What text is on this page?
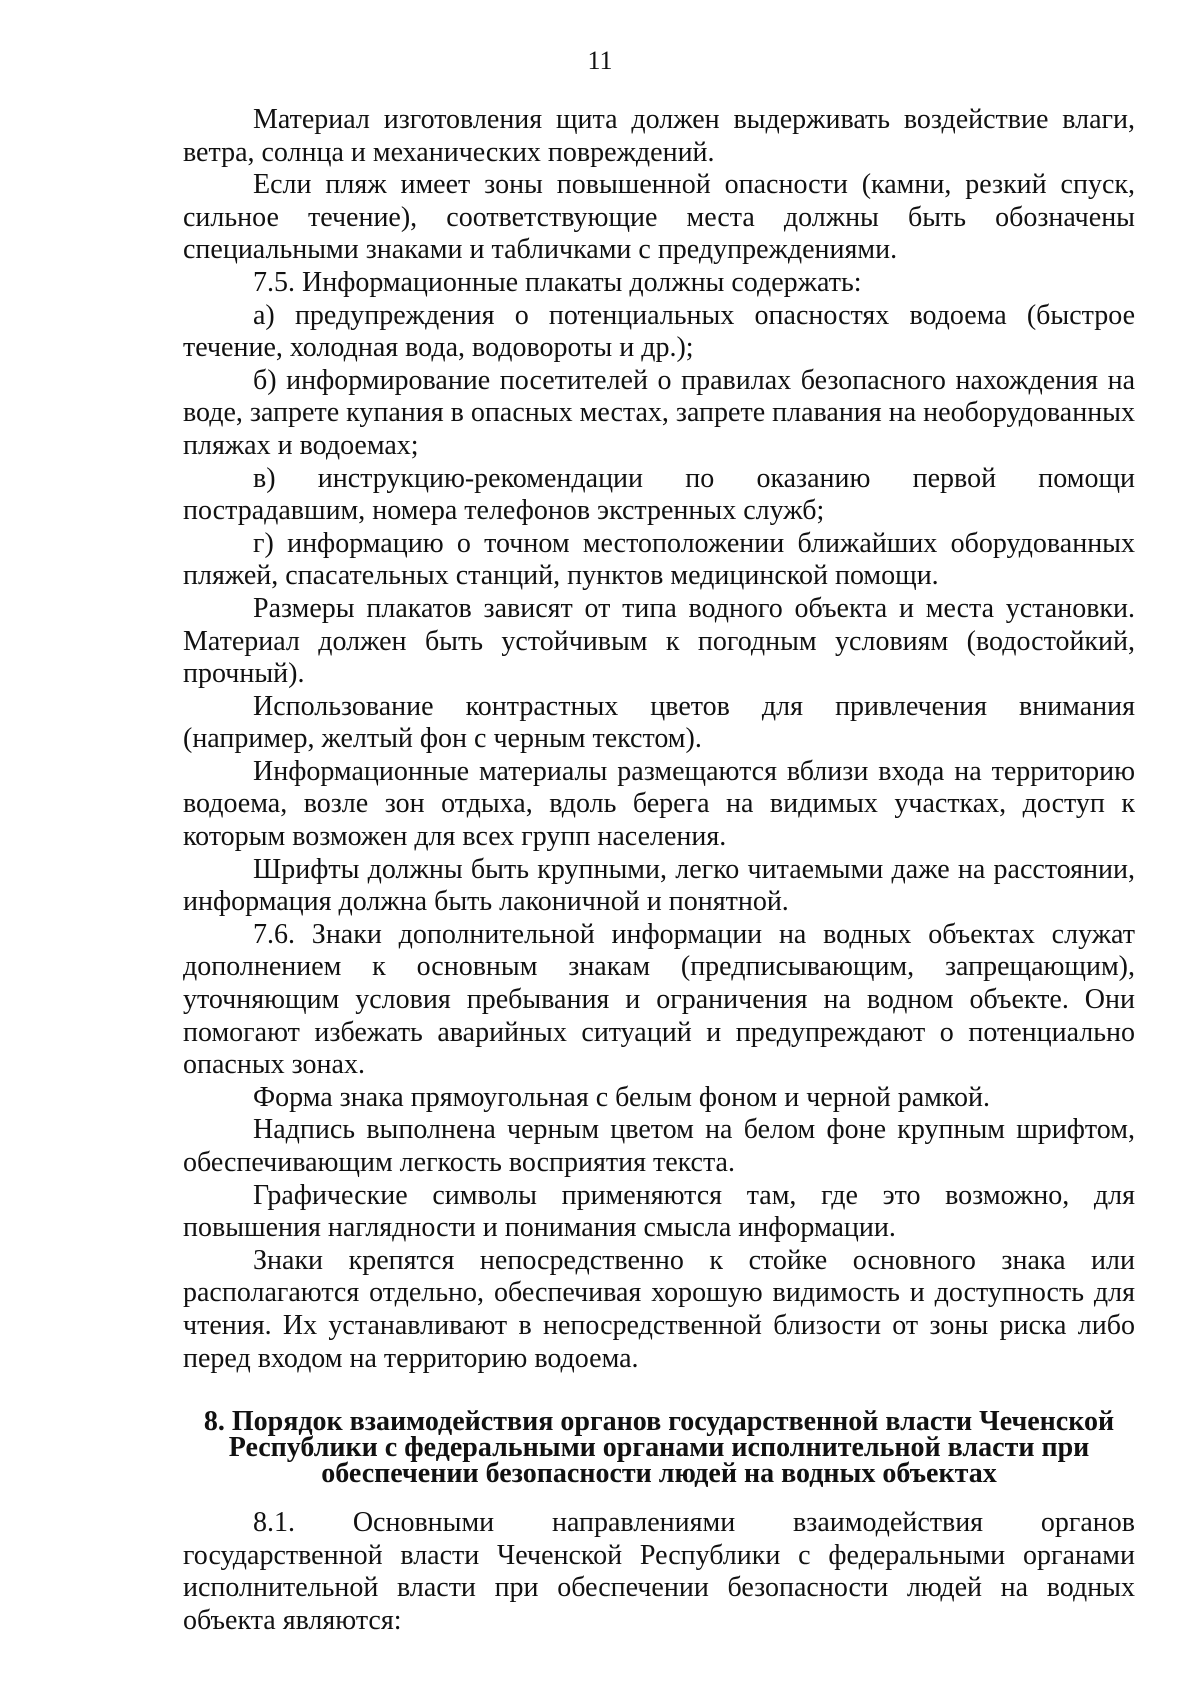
11

Материал изготовления щита должен выдерживать воздействие влаги, ветра, солнца и механических повреждений.

Если пляж имеет зоны повышенной опасности (камни, резкий спуск, сильное течение), соответствующие места должны быть обозначены специальными знаками и табличками с предупреждениями.

7.5. Информационные плакаты должны содержать:

а) предупреждения о потенциальных опасностях водоема (быстрое течение, холодная вода, водовороты и др.);

б) информирование посетителей о правилах безопасного нахождения на воде, запрете купания в опасных местах, запрете плавания на необорудованных пляжах и водоемах;

в) инструкцию-рекомендации по оказанию первой помощи пострадавшим, номера телефонов экстренных служб;

г) информацию о точном местоположении ближайших оборудованных пляжей, спасательных станций, пунктов медицинской помощи.

Размеры плакатов зависят от типа водного объекта и места установки. Материал должен быть устойчивым к погодным условиям (водостойкий, прочный).

Использование контрастных цветов для привлечения внимания (например, желтый фон с черным текстом).

Информационные материалы размещаются вблизи входа на территорию водоема, возле зон отдыха, вдоль берега на видимых участках, доступ к которым возможен для всех групп населения.

Шрифты должны быть крупными, легко читаемыми даже на расстоянии, информация должна быть лаконичной и понятной.

7.6. Знаки дополнительной информации на водных объектах служат дополнением к основным знакам (предписывающим, запрещающим), уточняющим условия пребывания и ограничения на водном объекте. Они помогают избежать аварийных ситуаций и предупреждают о потенциально опасных зонах.

Форма знака прямоугольная с белым фоном и черной рамкой.

Надпись выполнена черным цветом на белом фоне крупным шрифтом, обеспечивающим легкость восприятия текста.

Графические символы применяются там, где это возможно, для повышения наглядности и понимания смысла информации.

Знаки крепятся непосредственно к стойке основного знака или располагаются отдельно, обеспечивая хорошую видимость и доступность для чтения. Их устанавливают в непосредственной близости от зоны риска либо перед входом на территорию водоема.

8. Порядок взаимодействия органов государственной власти Чеченской Республики с федеральными органами исполнительной власти при обеспечении безопасности людей на водных объектах

8.1. Основными направлениями взаимодействия органов государственной власти Чеченской Республики с федеральными органами исполнительной власти при обеспечении безопасности людей на водных объекта являются:
